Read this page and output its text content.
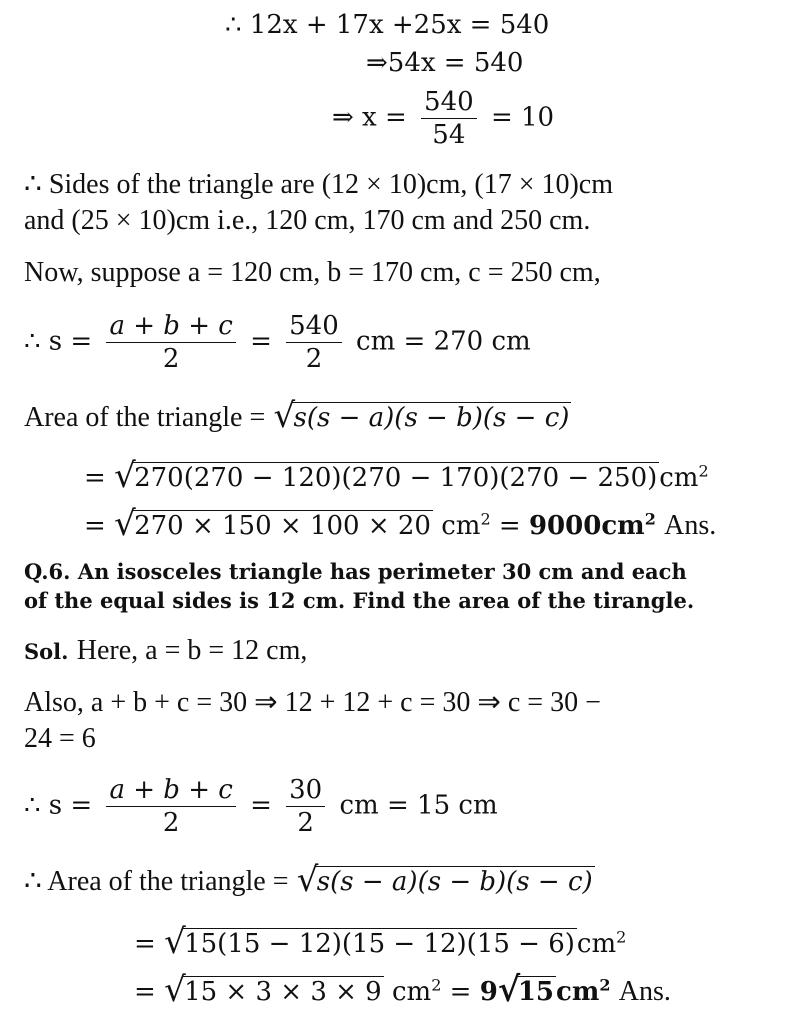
∴ 12x + 17x +25x = 540
⇒54x = 540
⇒ $x = \frac{540}{54} = 10$
∴ Sides of the triangle are (12 × 10)cm, (17 × 10)cm
and (25 × 10)cm i.e., 120 cm, 170 cm and 250 cm.
Now, suppose a = 120 cm, b = 170 cm, c = 250 cm,
∴ $s = \frac{a + b + c}{2} = \frac{540}{2}$ cm = 270 cm
Area of the triangle = √
s(s − a)(s − b)(s − c)
= √
$270(270 - 120)(270 - 170)(270 - 250)cm^2$
= √
270 × 150 × 100 × 20 $cm^2 = 9000cm^2$ Ans.
Q.6. An isosceles triangle has perimeter 30 cm and each
of the equal sides is 12 cm. Find the area of the tirangle.
Sol. Here, a = b = 12 cm,
Also, a + b + c = 30 ⇒ 12 + 12 + c = 30 ⇒ c = 30 −
24 = 6
∴ $s = \frac{a + b + c}{2} = \frac{30}{2}$ cm = 15 cm
∴ Area of the triangle = √
s(s − a)(s − b)(s − c)
= √
$15(15 - 12)(15 - 12)(15 - 6)cm^2$
= √
15 × 3 × 3 × 9 $cm^2 = 9$ √
$15cm^2$ Ans.
